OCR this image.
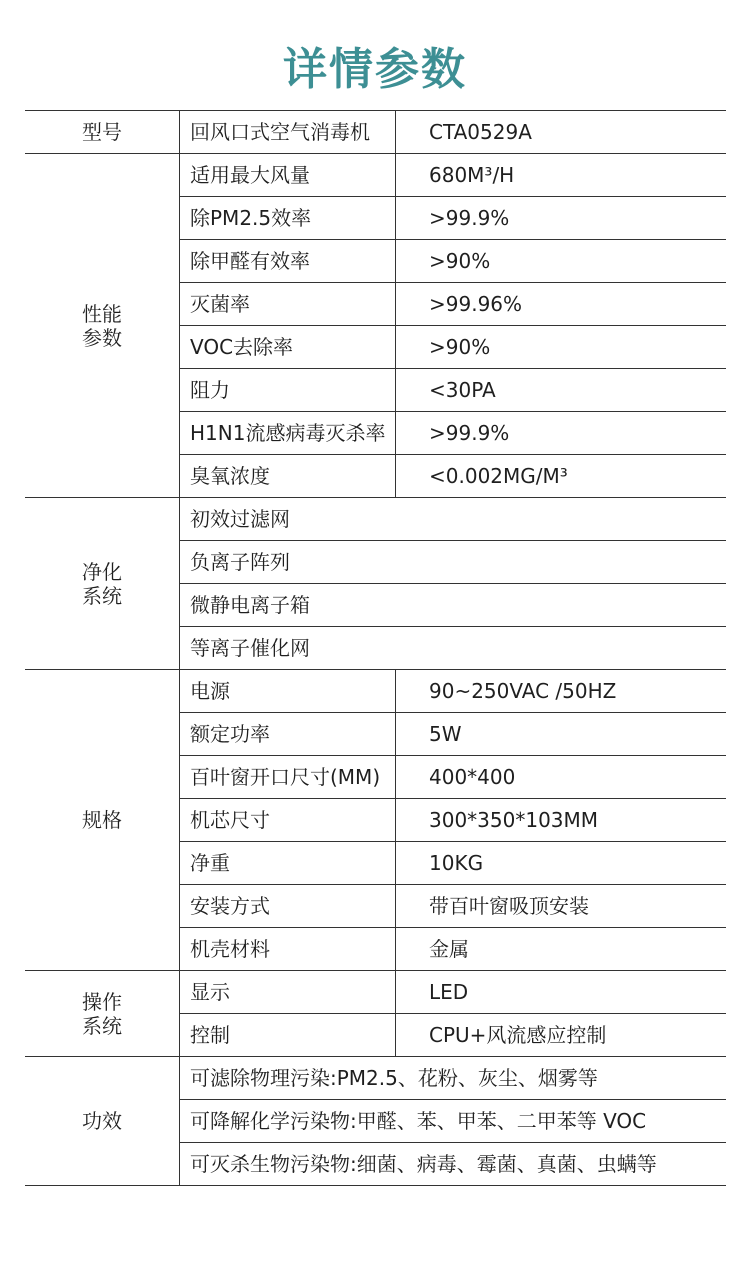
详情参数
型号	回风口式空气消毒机	CTA0529A

性能
参数	适用最大风量	680M³/H
	除PM2.5效率	>99.9%
	除甲醛有效率	>90%
	灭菌率	>99.96%
	VOC去除率	>90%
	阻力	<30PA
	H1N1流感病毒灭杀率	>99.9%
	臭氧浓度	<0.002MG/M³

净化
系统	初效过滤网	
	负离子阵列	
	微静电离子箱	
	等离子催化网	

规格	电源	90~250VAC /50HZ
	额定功率	5W
	百叶窗开口尺寸(MM)	400*400
	机芯尺寸	300*350*103MM
	净重	10KG
	安装方式	带百叶窗吸顶安装
	机壳材料	金属

操作
系统	显示	LED
	控制	CPU+风流感应控制

功效	可滤除物理污染:PM2.5、花粉、灰尘、烟雾等	
	可降解化学污染物:甲醛、苯、甲苯、二甲苯等 VOC	
	可灭杀生物污染物:细菌、病毒、霉菌、真菌、虫螨等	
